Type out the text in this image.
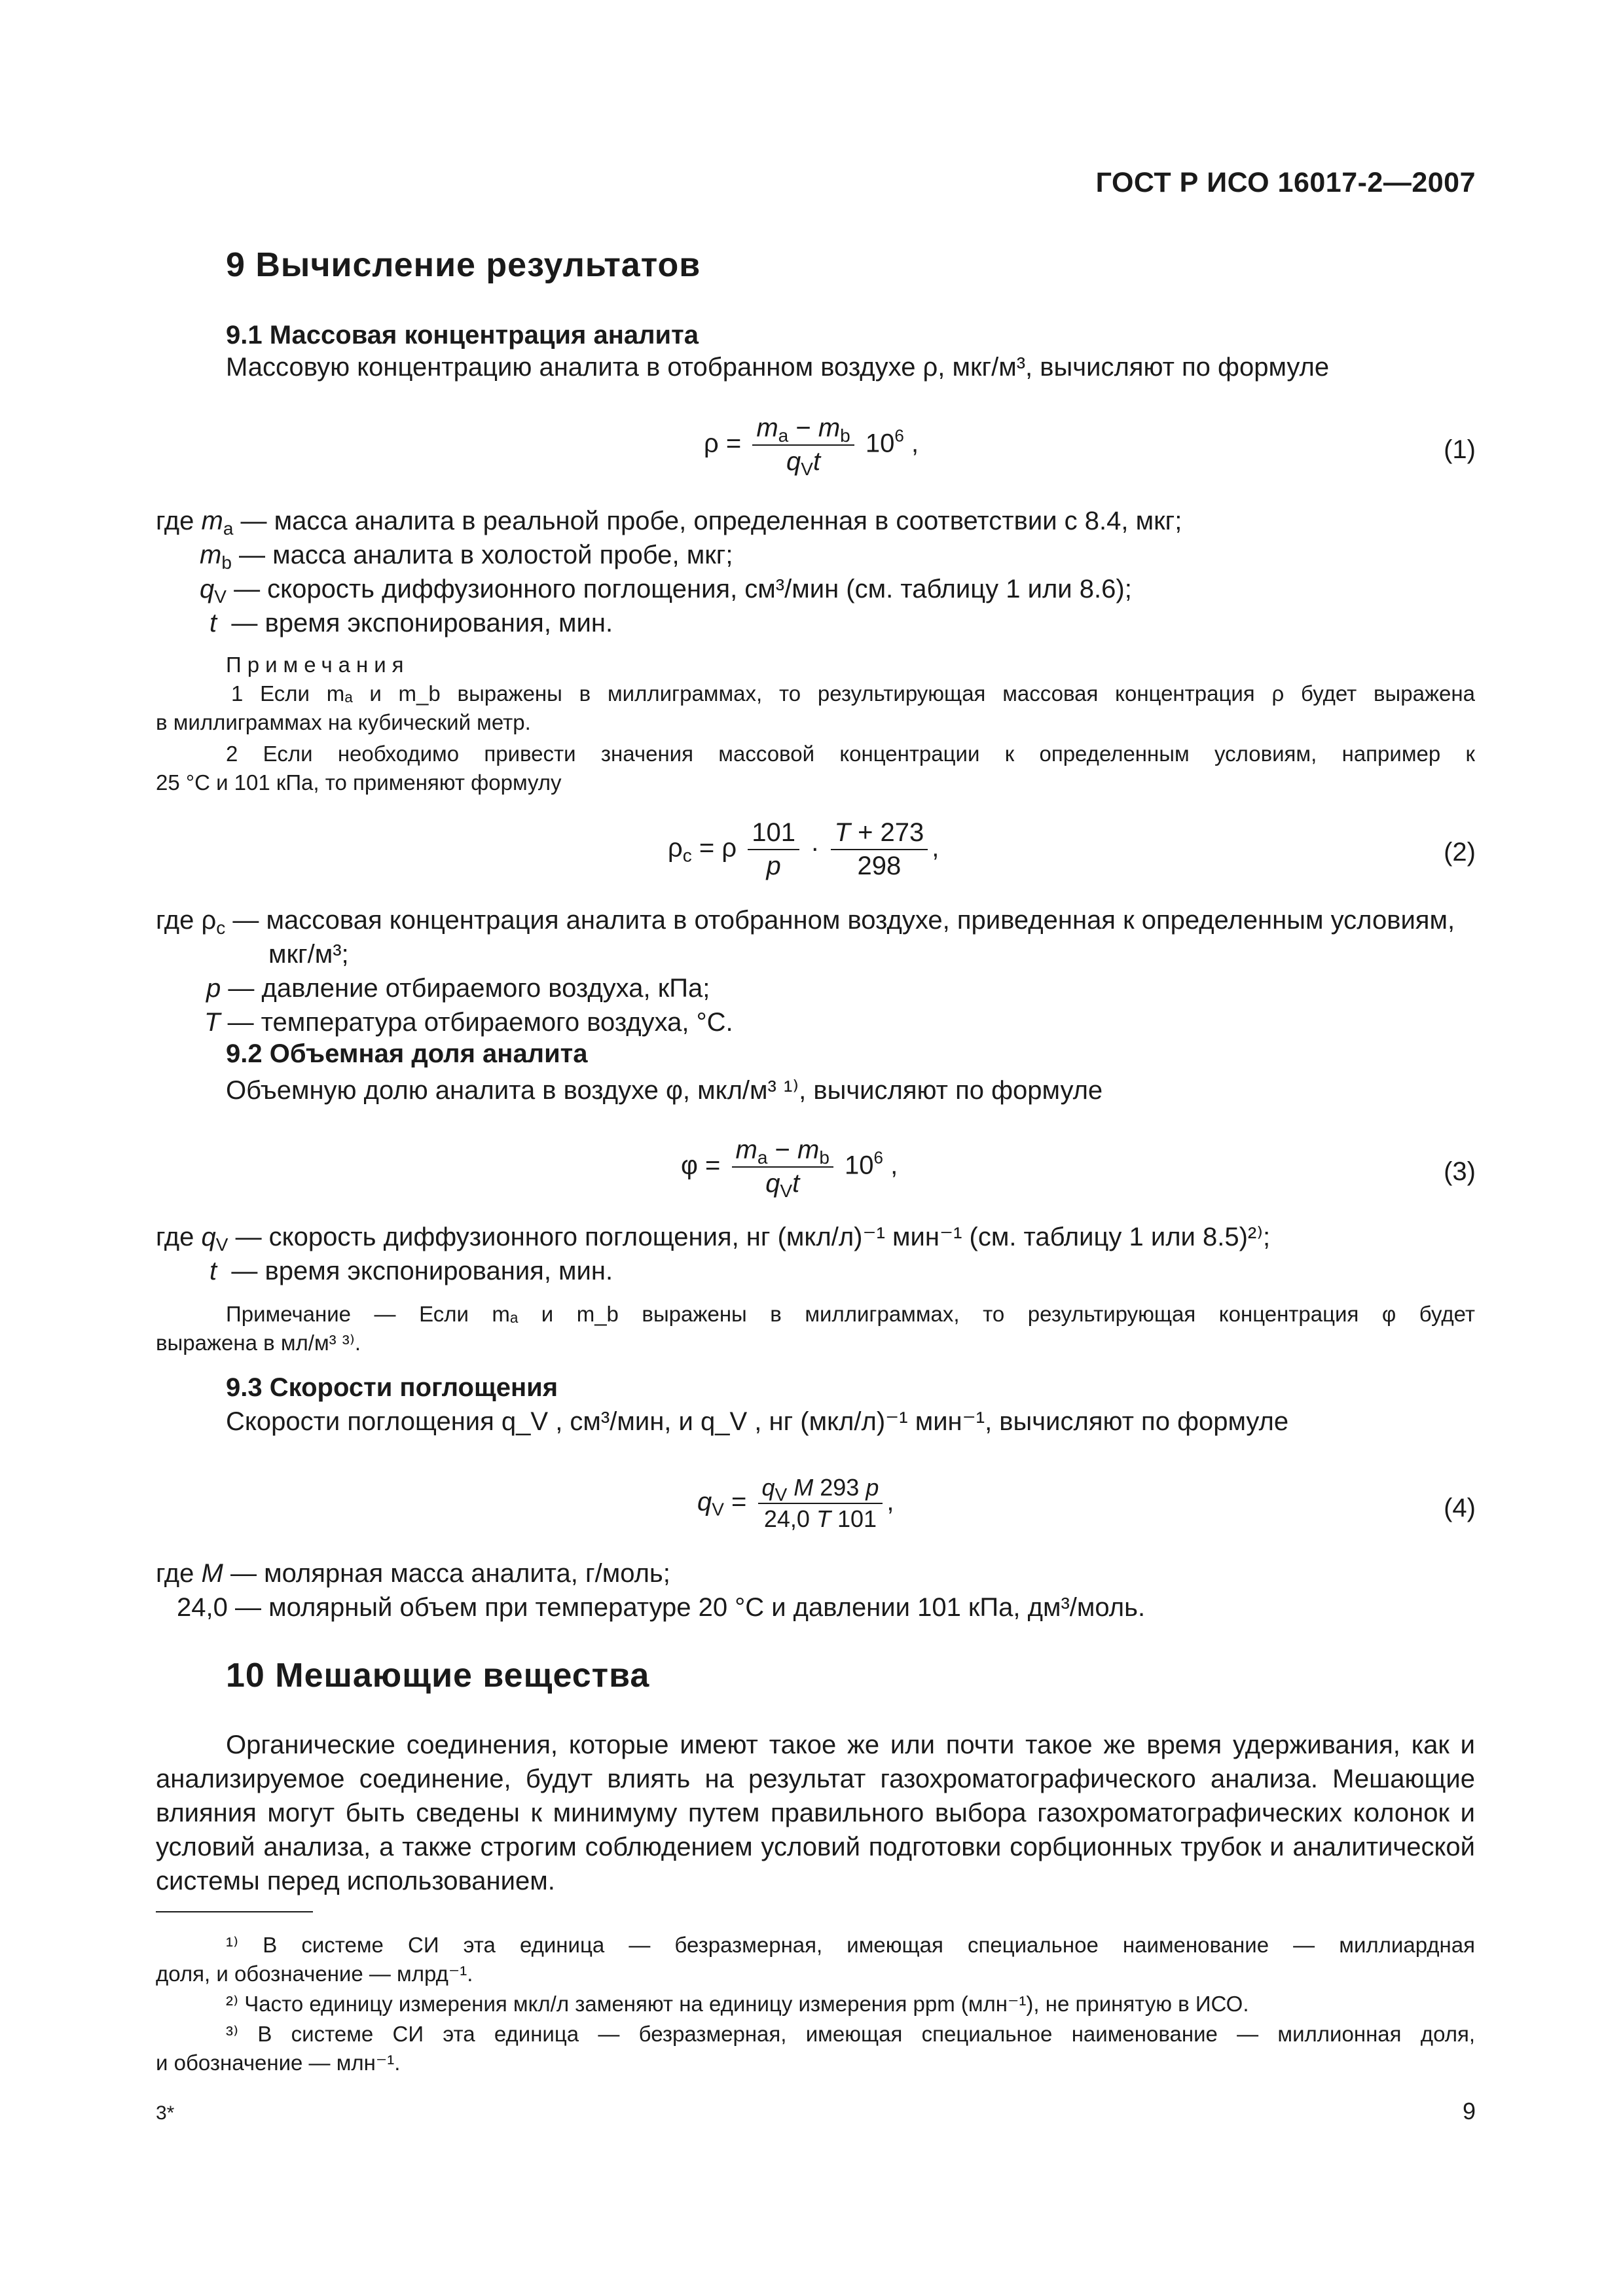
ГОСТ Р ИСО 16017-2—2007
9 Вычисление результатов
9.1 Массовая концентрация аналита
Массовую концентрацию аналита в отобранном воздухе ρ, мкг/м³, вычисляют по формуле
$\rho = \frac{m_a - m_b}{q_Vt} 10^6$ ,	(1)
где $m_a$ — масса аналита в реальной пробе, определенная в соответствии с 8.4, мкг;
$m_b$ — масса аналита в холостой пробе, мкг;
$q_V$ — скорость диффузионного поглощения, см³/мин (см. таблицу 1 или 8.6);
t — время экспонирования, мин.
Примечания
1 Если mₐ и m_b выражены в миллиграммах, то результирующая массовая концентрация ρ будет выражена
в миллиграммах на кубический метр.
2 Если необходимо привести значения массовой концентрации к определенным условиям, например к
25 °С и 101 кПа, то применяют формулу
$\rho_c = \rho \frac{101}{p} \cdot \frac{T + 273}{298}$ ,	(2)
где $\rho_c$ — массовая концентрация аналита в отобранном воздухе, приведенная к определенным условиям,
мкг/м³;
p — давление отбираемого воздуха, кПа;
T — температура отбираемого воздуха, °С.
9.2 Объемная доля аналита
Объемную долю аналита в воздухе φ, мкл/м³ ¹⁾, вычисляют по формуле
$\varphi = \frac{m_a - m_b}{q_Vt} 10^6$ ,	(3)
где $q_V$ — скорость диффузионного поглощения, нг (мкл/л)⁻¹ мин⁻¹ (см. таблицу 1 или 8.5)²⁾;
t — время экспонирования, мин.
Примечание — Если mₐ и m_b выражены в миллиграммах, то результирующая концентрация φ будет
выражена в мл/м³ ³⁾.
9.3 Скорости поглощения
Скорости поглощения q_V , см³/мин, и q_V , нг (мкл/л)⁻¹ мин⁻¹, вычисляют по формуле
$q_V = \frac{q_V M 293 p}{24,0 T 101}$ ,	(4)
где M — молярная масса аналита, г/моль;
24,0 — молярный объем при температуре 20 °С и давлении 101 кПа, дм³/моль.
10 Мешающие вещества
Органические соединения, которые имеют такое же или почти такое же время удерживания, как и анализируемое соединение, будут влиять на результат газохроматографического анализа. Мешающие влияния могут быть сведены к минимуму путем правильного выбора газохроматографических колонок и условий анализа, а также строгим соблюдением условий подготовки сорбционных трубок и аналитической системы перед использованием.
¹⁾ В системе СИ эта единица — безразмерная, имеющая специальное наименование — миллиардная
доля, и обозначение — млрд⁻¹.
²⁾ Часто единицу измерения мкл/л заменяют на единицу измерения ppm (млн⁻¹), не принятую в ИСО.
³⁾ В системе СИ эта единица — безразмерная, имеющая специальное наименование — миллионная доля,
и обозначение — млн⁻¹.
3*	9
